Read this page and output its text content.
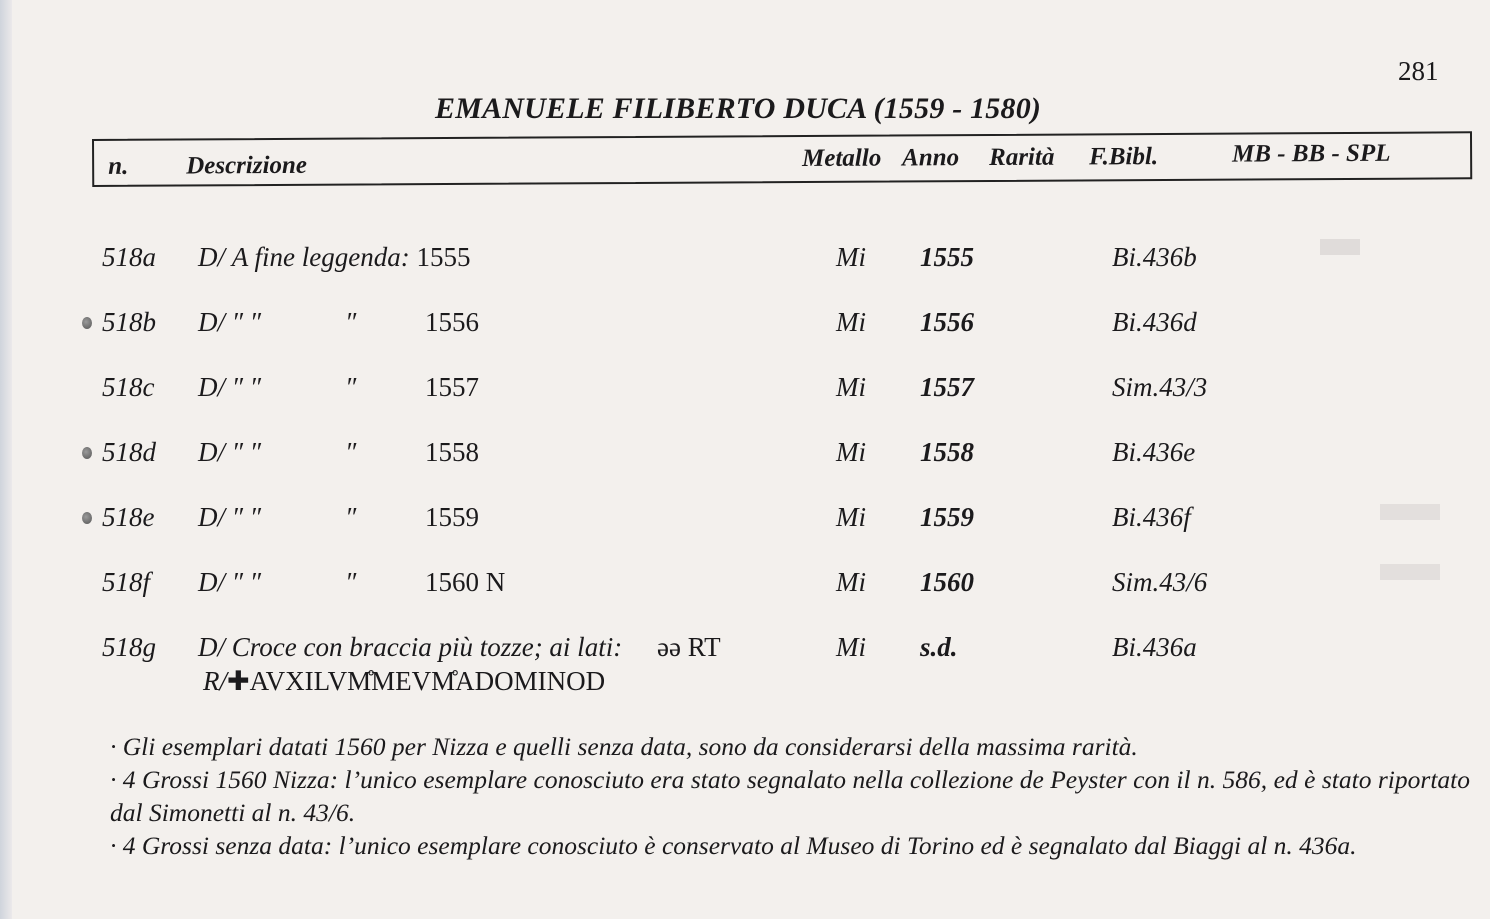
281
EMANUELE FILIBERTO DUCA (1559 - 1580)
n. Descrizione	Metallo Anno Rarità F.Bibl.	MB - BB - SPL
518a D/ A fine leggenda: 1555	Mi 1555	Bi.436b
518b D/ ″ ″	″	1556	Mi 1556	Bi.436d
518c D/ ″ ″	″	1557	Mi 1557	Sim.43/3
518d D/ ″ ″	″	1558	Mi 1558	Bi.436e
518e D/ ″ ″	″	1559	Mi 1559	Bi.436f
518f D/ ″ ″	″	1560 N	Mi 1560	Sim.43/6
518g D/ Croce con braccia più tozze; ai lati: ǝǝ RT	Mi s.d.	Bi.436a
R/✚AVXILVM̊MEVM̊ADOMINOD

· Gli esemplari datati 1560 per Nizza e quelli senza data, sono da considerarsi della massima rarità.

· 4 Grossi 1560 Nizza: l’unico esemplare conosciuto era stato segnalato nella collezione de Peyster con il n. 586, ed è stato riportato dal Simonetti al n. 43/6.

· 4 Grossi senza data: l’unico esemplare conosciuto è conservato al Museo di Torino ed è segnalato dal Biaggi al n. 436a.
